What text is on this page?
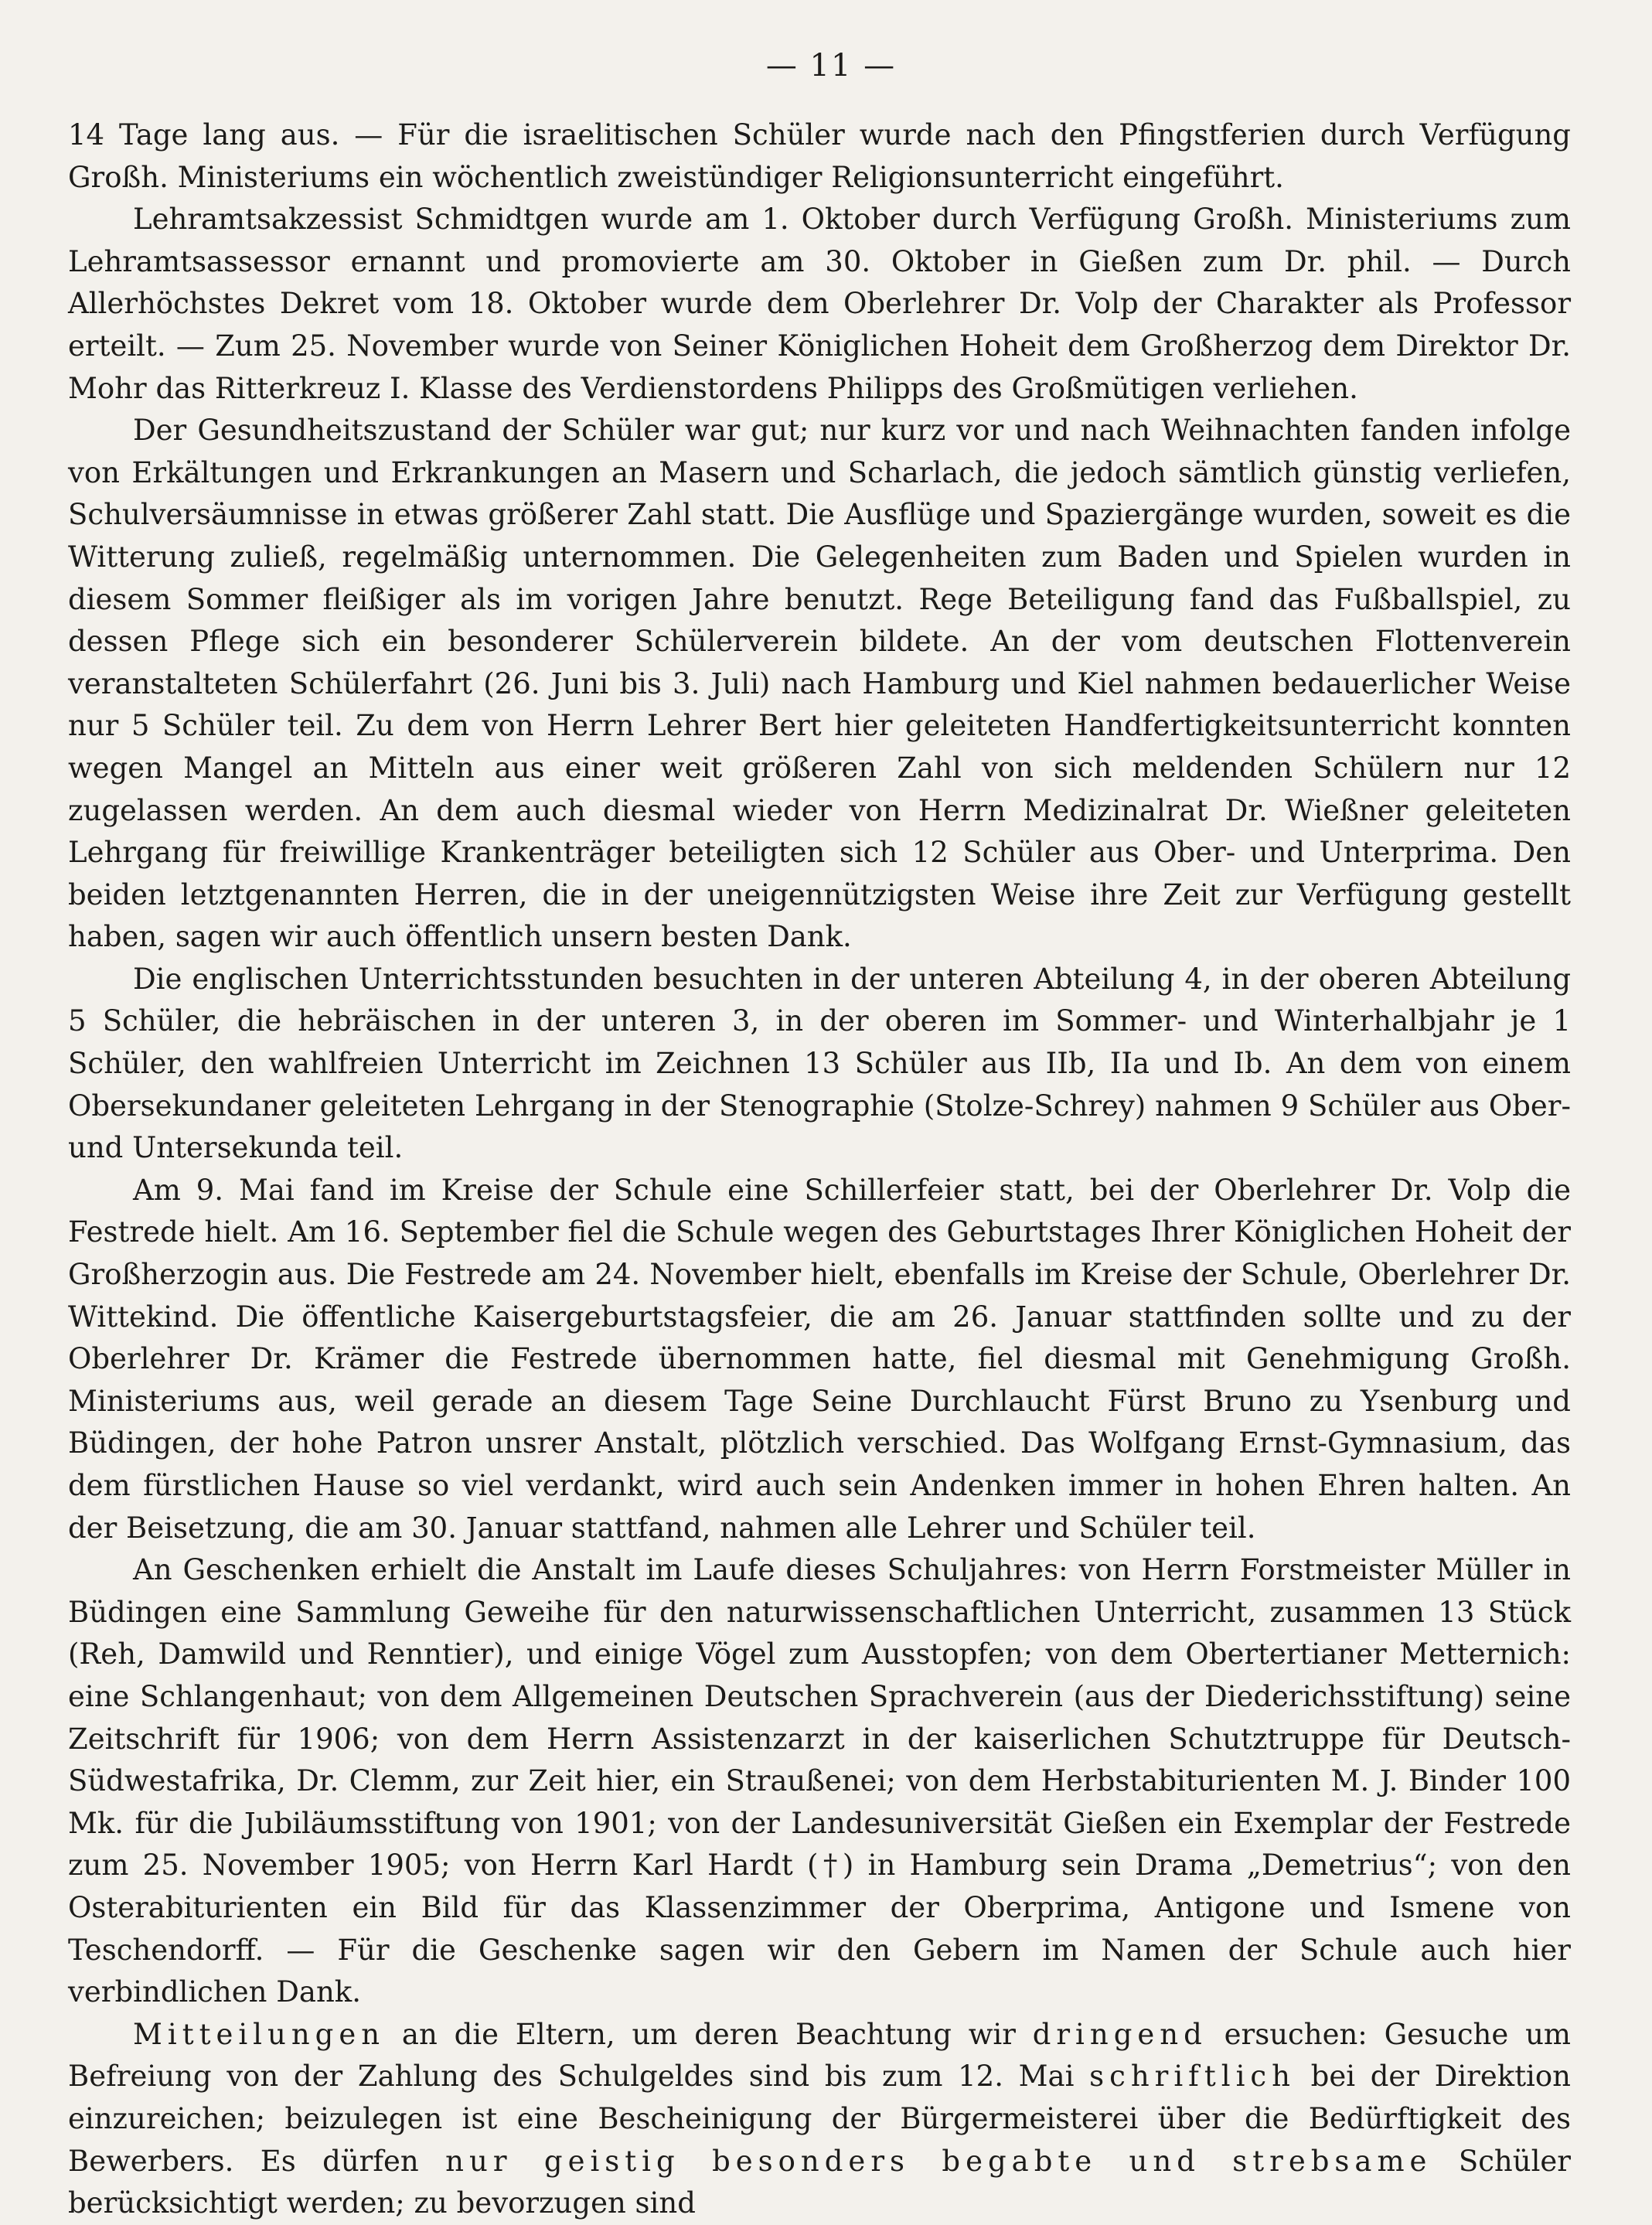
— 11 —

14 Tage lang aus. — Für die israelitischen Schüler wurde nach den Pfingstferien durch Verfügung Großh. Ministeriums ein wöchentlich zweistündiger Religionsunterricht eingeführt.

Lehramtsakzessist Schmidtgen wurde am 1. Oktober durch Verfügung Großh. Ministeriums zum Lehramtsassessor ernannt und promovierte am 30. Oktober in Gießen zum Dr. phil. — Durch Allerhöchstes Dekret vom 18. Oktober wurde dem Oberlehrer Dr. Volp der Charakter als Professor erteilt. — Zum 25. November wurde von Seiner Königlichen Hoheit dem Großherzog dem Direktor Dr. Mohr das Ritterkreuz I. Klasse des Verdienstordens Philipps des Großmütigen verliehen.

Der Gesundheitszustand der Schüler war gut; nur kurz vor und nach Weihnachten fanden infolge von Erkältungen und Erkrankungen an Masern und Scharlach, die jedoch sämtlich günstig verliefen, Schulversäumnisse in etwas größerer Zahl statt. Die Ausflüge und Spaziergänge wurden, soweit es die Witterung zuließ, regelmäßig unternommen. Die Gelegenheiten zum Baden und Spielen wurden in diesem Sommer fleißiger als im vorigen Jahre benutzt. Rege Beteiligung fand das Fußballspiel, zu dessen Pflege sich ein besonderer Schülerverein bildete. An der vom deutschen Flottenverein veranstalteten Schülerfahrt (26. Juni bis 3. Juli) nach Hamburg und Kiel nahmen bedauerlicher Weise nur 5 Schüler teil. Zu dem von Herrn Lehrer Bert hier geleiteten Handfertigkeitsunterricht konnten wegen Mangel an Mitteln aus einer weit größeren Zahl von sich meldenden Schülern nur 12 zugelassen werden. An dem auch diesmal wieder von Herrn Medizinalrat Dr. Wießner geleiteten Lehrgang für freiwillige Krankenträger beteiligten sich 12 Schüler aus Ober- und Unterprima. Den beiden letztgenannten Herren, die in der uneigennützigsten Weise ihre Zeit zur Verfügung gestellt haben, sagen wir auch öffentlich unsern besten Dank.

Die englischen Unterrichtsstunden besuchten in der unteren Abteilung 4, in der oberen Abteilung 5 Schüler, die hebräischen in der unteren 3, in der oberen im Sommer- und Winterhalbjahr je 1 Schüler, den wahlfreien Unterricht im Zeichnen 13 Schüler aus IIb, IIa und Ib. An dem von einem Obersekundaner geleiteten Lehrgang in der Stenographie (Stolze-Schrey) nahmen 9 Schüler aus Ober- und Untersekunda teil.

Am 9. Mai fand im Kreise der Schule eine Schillerfeier statt, bei der Oberlehrer Dr. Volp die Festrede hielt. Am 16. September fiel die Schule wegen des Geburtstages Ihrer Königlichen Hoheit der Großherzogin aus. Die Festrede am 24. November hielt, ebenfalls im Kreise der Schule, Oberlehrer Dr. Wittekind. Die öffentliche Kaisergeburtstagsfeier, die am 26. Januar stattfinden sollte und zu der Oberlehrer Dr. Krämer die Festrede übernommen hatte, fiel diesmal mit Genehmigung Großh. Ministeriums aus, weil gerade an diesem Tage Seine Durchlaucht Fürst Bruno zu Ysenburg und Büdingen, der hohe Patron unsrer Anstalt, plötzlich verschied. Das Wolfgang Ernst-Gymnasium, das dem fürstlichen Hause so viel verdankt, wird auch sein Andenken immer in hohen Ehren halten. An der Beisetzung, die am 30. Januar stattfand, nahmen alle Lehrer und Schüler teil.

An Geschenken erhielt die Anstalt im Laufe dieses Schuljahres: von Herrn Forstmeister Müller in Büdingen eine Sammlung Geweihe für den naturwissenschaftlichen Unterricht, zusammen 13 Stück (Reh, Damwild und Renntier), und einige Vögel zum Ausstopfen; von dem Obertertianer Metternich: eine Schlangenhaut; von dem Allgemeinen Deutschen Sprachverein (aus der Diederichsstiftung) seine Zeitschrift für 1906; von dem Herrn Assistenzarzt in der kaiserlichen Schutztruppe für Deutsch-Südwestafrika, Dr. Clemm, zur Zeit hier, ein Straußenei; von dem Herbstabiturienten M. J. Binder 100 Mk. für die Jubiläumsstiftung von 1901; von der Landesuniversität Gießen ein Exemplar der Festrede zum 25. November 1905; von Herrn Karl Hardt (†) in Hamburg sein Drama „Demetrius“; von den Osterabiturienten ein Bild für das Klassenzimmer der Oberprima, Antigone und Ismene von Teschendorff. — Für die Geschenke sagen wir den Gebern im Namen der Schule auch hier verbindlichen Dank.

Mitteilungen an die Eltern, um deren Beachtung wir dringend ersuchen: Gesuche um Befreiung von der Zahlung des Schulgeldes sind bis zum 12. Mai schriftlich bei der Direktion einzureichen; beizulegen ist eine Bescheinigung der Bürgermeisterei über die Bedürftigkeit des Bewerbers. Es dürfen nur geistig besonders begabte und strebsame Schüler berücksichtigt werden; zu bevorzugen sind
